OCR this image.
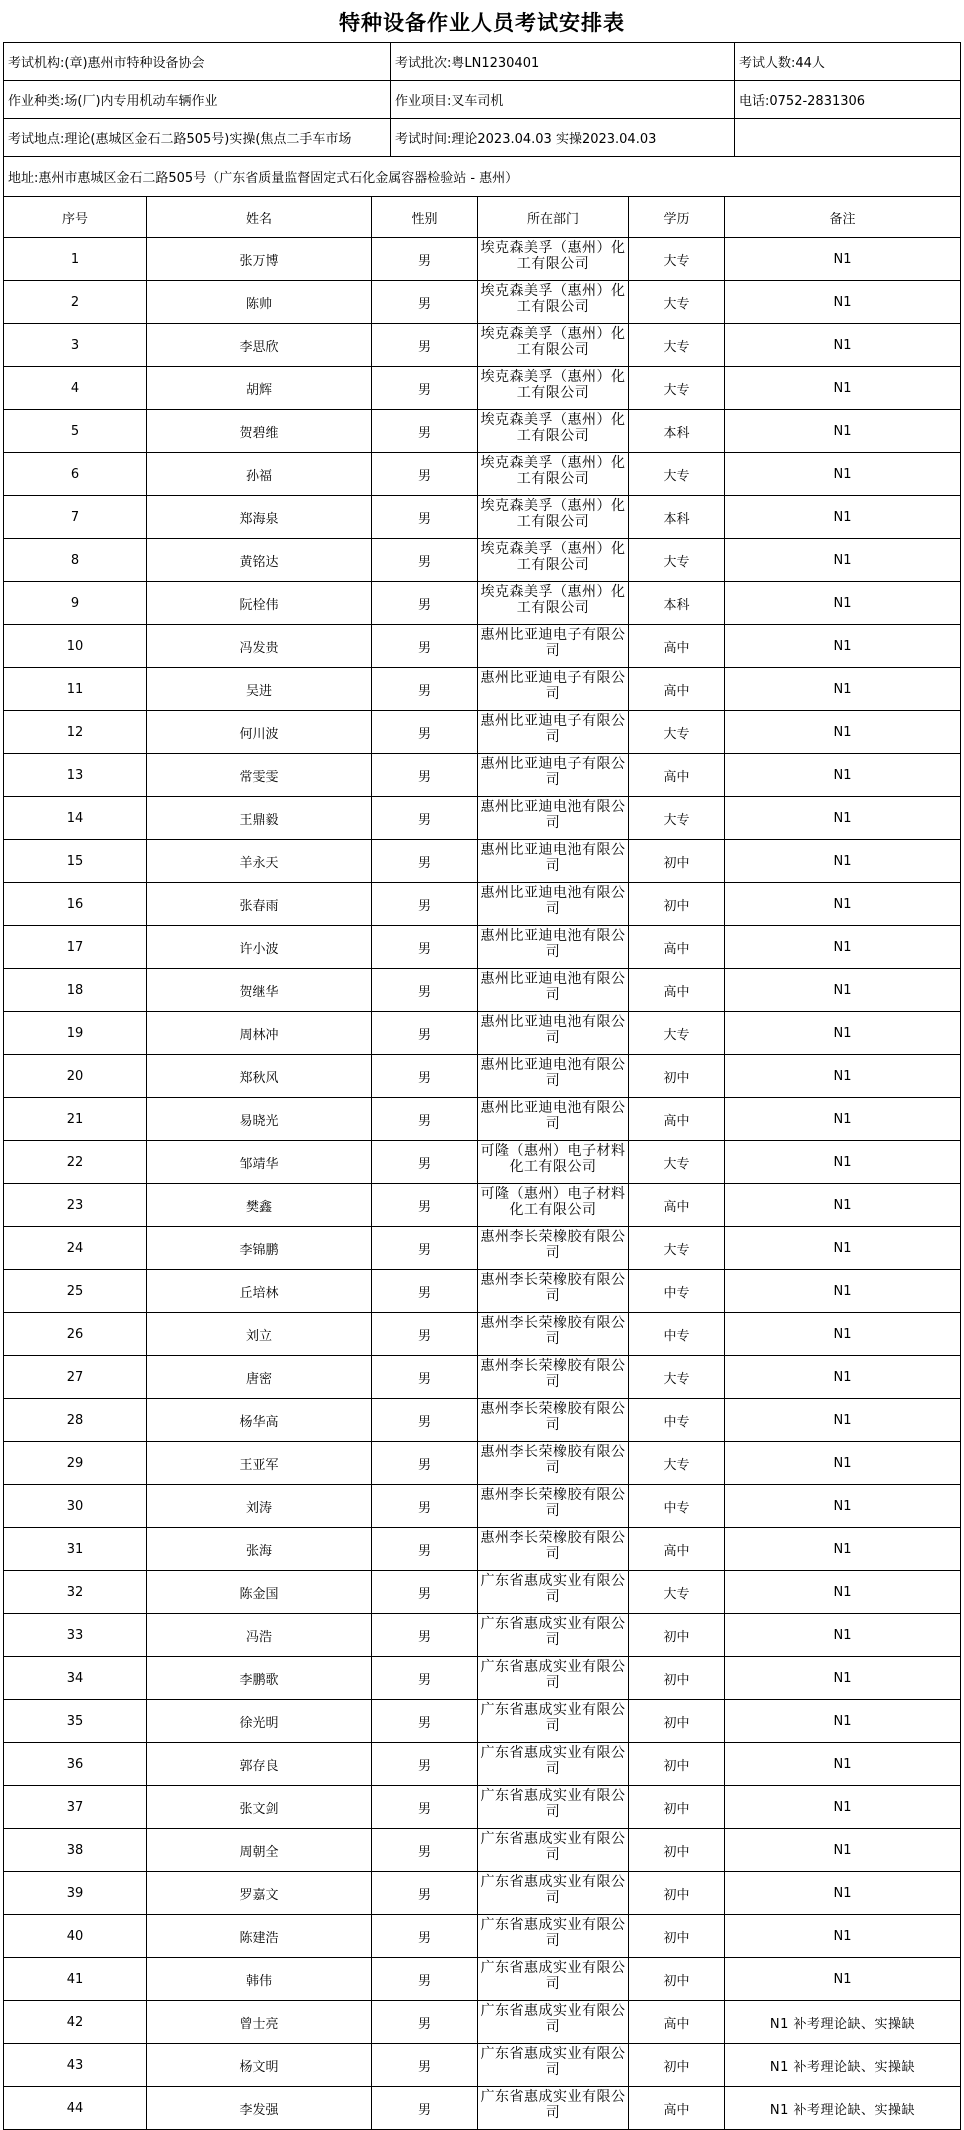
特种设备作业人员考试安排表
考试机构:(章)惠州市特种设备协会	考试批次:粤LN1230401	考试人数:44人
作业种类:场(厂)内专用机动车辆作业	作业项目:叉车司机	电话:0752-2831306
考试地点:理论(惠城区金石二路505号)实操(焦点二手车市场	考试时间:理论2023.04.03 实操2023.04.03	
地址:惠州市惠城区金石二路505号（广东省质量监督固定式石化金属容器检验站 - 惠州）		
序号	姓名	性别	所在部门	学历	备注
1	张万博	男	埃克森美孚（惠州）化工有限公司	大专	N1
2	陈帅	男	埃克森美孚（惠州）化工有限公司	大专	N1
3	李思欣	男	埃克森美孚（惠州）化工有限公司	大专	N1
4	胡辉	男	埃克森美孚（惠州）化工有限公司	大专	N1
5	贺碧维	男	埃克森美孚（惠州）化工有限公司	本科	N1
6	孙福	男	埃克森美孚（惠州）化工有限公司	大专	N1
7	郑海泉	男	埃克森美孚（惠州）化工有限公司	本科	N1
8	黄铭达	男	埃克森美孚（惠州）化工有限公司	大专	N1
9	阮栓伟	男	埃克森美孚（惠州）化工有限公司	本科	N1
10	冯发贵	男	惠州比亚迪电子有限公司	高中	N1
11	吴进	男	惠州比亚迪电子有限公司	高中	N1
12	何川波	男	惠州比亚迪电子有限公司	大专	N1
13	常雯雯	男	惠州比亚迪电子有限公司	高中	N1
14	王鼎毅	男	惠州比亚迪电池有限公司	大专	N1
15	羊永天	男	惠州比亚迪电池有限公司	初中	N1
16	张春雨	男	惠州比亚迪电池有限公司	初中	N1
17	许小波	男	惠州比亚迪电池有限公司	高中	N1
18	贺继华	男	惠州比亚迪电池有限公司	高中	N1
19	周林冲	男	惠州比亚迪电池有限公司	大专	N1
20	郑秋风	男	惠州比亚迪电池有限公司	初中	N1
21	易晓光	男	惠州比亚迪电池有限公司	高中	N1
22	邹靖华	男	可隆（惠州）电子材料化工有限公司	大专	N1
23	樊鑫	男	可隆（惠州）电子材料化工有限公司	高中	N1
24	李锦鹏	男	惠州李长荣橡胶有限公司	大专	N1
25	丘培林	男	惠州李长荣橡胶有限公司	中专	N1
26	刘立	男	惠州李长荣橡胶有限公司	中专	N1
27	唐密	男	惠州李长荣橡胶有限公司	大专	N1
28	杨华高	男	惠州李长荣橡胶有限公司	中专	N1
29	王亚军	男	惠州李长荣橡胶有限公司	大专	N1
30	刘涛	男	惠州李长荣橡胶有限公司	中专	N1
31	张海	男	惠州李长荣橡胶有限公司	高中	N1
32	陈金国	男	广东省惠成实业有限公司	大专	N1
33	冯浩	男	广东省惠成实业有限公司	初中	N1
34	李鹏歌	男	广东省惠成实业有限公司	初中	N1
35	徐光明	男	广东省惠成实业有限公司	初中	N1
36	郭存良	男	广东省惠成实业有限公司	初中	N1
37	张文剑	男	广东省惠成实业有限公司	初中	N1
38	周朝全	男	广东省惠成实业有限公司	初中	N1
39	罗嘉文	男	广东省惠成实业有限公司	初中	N1
40	陈建浩	男	广东省惠成实业有限公司	初中	N1
41	韩伟	男	广东省惠成实业有限公司	初中	N1
42	曾士亮	男	广东省惠成实业有限公司	高中	N1 补考理论缺、实操缺
43	杨文明	男	广东省惠成实业有限公司	初中	N1 补考理论缺、实操缺
44	李发强	男	广东省惠成实业有限公司	高中	N1 补考理论缺、实操缺
